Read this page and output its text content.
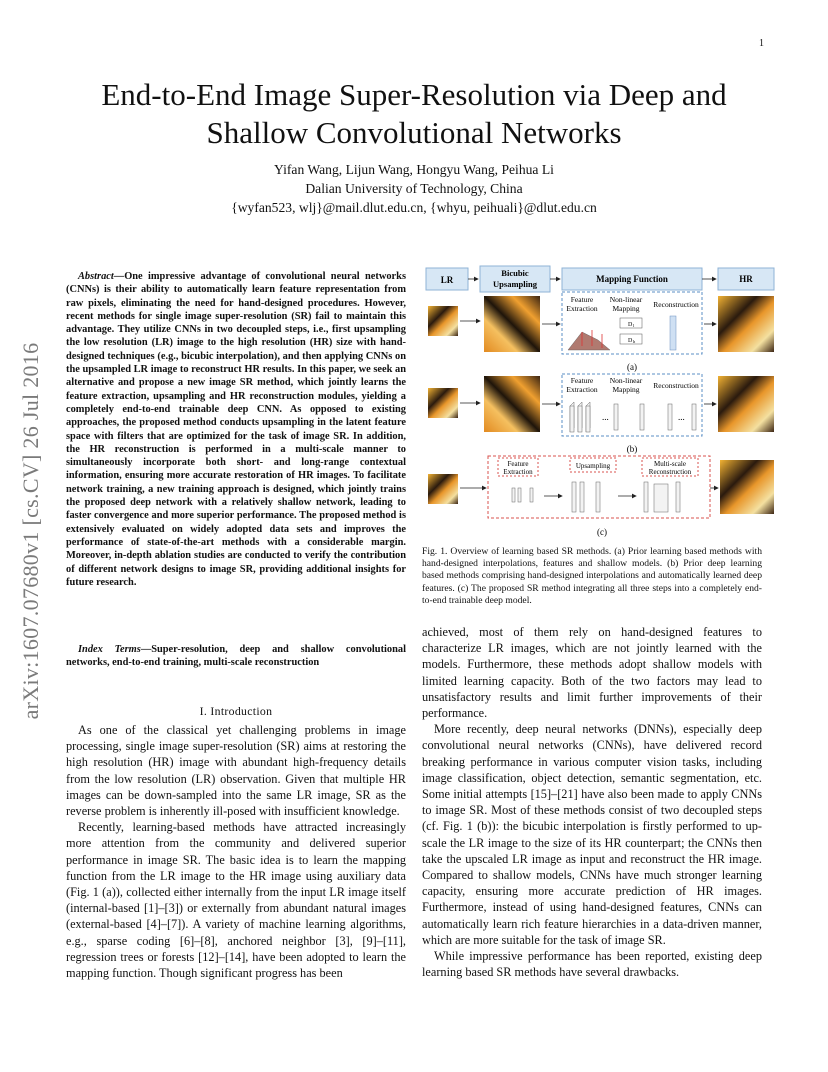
1
arXiv:1607.07680v1 [cs.CV] 26 Jul 2016
End-to-End Image Super-Resolution via Deep and
Shallow Convolutional Networks
Yifan Wang, Lijun Wang, Hongyu Wang, Peihua Li
Dalian University of Technology, China
{wyfan523, wlj}@mail.dlut.edu.cn, {whyu, peihuali}@dlut.edu.cn

Abstract—One impressive advantage of convolutional neural networks (CNNs) is their ability to automatically learn feature representation from raw pixels, eliminating the need for hand-designed procedures. However, recent methods for single image super-resolution (SR) fail to maintain this advantage. They utilize CNNs in two decoupled steps, i.e., first upsampling the low resolution (LR) image to the high resolution (HR) size with hand-designed techniques (e.g., bicubic interpolation), and then applying CNNs on the upsampled LR image to reconstruct HR results. In this paper, we seek an alternative and propose a new image SR method, which jointly learns the feature extraction, upsampling and HR reconstruction modules, yielding a completely end-to-end trainable deep CNN. As opposed to existing approaches, the proposed method conducts upsampling in the latent feature space with filters that are optimized for the task of image SR. In addition, the HR reconstruction is performed in a multi-scale manner to simultaneously incorporate both short- and long-range contextual information, ensuring more accurate restoration of HR images. To facilitate network training, a new training approach is designed, which jointly trains the proposed deep network with a relatively shallow network, leading to faster convergence and more superior performance. The proposed method is extensively evaluated on widely adopted data sets and improves the performance of state-of-the-art methods with a considerable margin. Moreover, in-depth ablation studies are conducted to verify the contribution of different network designs to image SR, providing additional insights for future research.

Index Terms—Super-resolution, deep and shallow convolutional networks, end-to-end training, multi-scale reconstruction

I. Introduction

As one of the classical yet challenging problems in image processing, single image super-resolution (SR) aims at restoring the high resolution (HR) image with abundant high-frequency details from the low resolution (LR) observation. Given that multiple HR images can be down-sampled into the same LR image, SR as the reverse problem is inherently ill-posed with insufficient knowledge.

Recently, learning-based methods have attracted increasingly more attention from the community and delivered superior performance in image SR. The basic idea is to learn the mapping function from the LR image to the HR image using auxiliary data (Fig. 1 (a)), collected either internally from the input LR image itself (internal-based [1]–[3]) or externally from abundant natural images (external-based [4]–[7]). A variety of machine learning algorithms, e.g., sparse coding [6]–[8], anchored neighbor [3], [9]–[11], regression trees or forests [12]–[14], have been adopted to learn the mapping function. Though significant progress has been

LR
Bicubic
Upsampling	Mapping Function	HR
Feature
Extraction
Non-linear
Mapping Reconstruction
D l
D h
(a)
Feature
Extraction
Non-linear
Mapping Reconstruction
...	...
(b)
Feature
Extraction
Upsampling	Multi-scale
Reconstruction
(c)
Fig. 1. Overview of learning based SR methods. (a) Prior learning based methods with hand-designed interpolations, features and shallow models. (b) Prior deep learning based methods comprising hand-designed interpolations and automatically learned deep features. (c) The proposed SR method integrating all three steps into a completely end-to-end trainable deep model.

achieved, most of them rely on hand-designed features to characterize LR images, which are not jointly learned with the models. Furthermore, these methods adopt shallow models with limited learning capacity. Both of the two factors may lead to unsatisfactory results and limit further improvements of their performance.

More recently, deep neural networks (DNNs), especially deep convolutional neural networks (CNNs), have delivered record breaking performance in various computer vision tasks, including image classification, object detection, semantic segmentation, etc. Some initial attempts [15]–[21] have also been made to apply CNNs to image SR. Most of these methods consist of two decoupled steps (cf. Fig. 1 (b)): the bicubic interpolation is firstly performed to up-scale the LR image to the size of its HR counterpart; the CNNs then take the upscaled LR image as input and reconstruct the HR image. Compared to shallow models, CNNs have much stronger learning capacity, ensuring more accurate prediction of HR images. Furthermore, instead of using hand-designed features, CNNs can automatically learn rich feature hierarchies in a data-driven manner, which are more suitable for the task of image SR.

While impressive performance has been reported, existing deep learning based SR methods have several drawbacks.
